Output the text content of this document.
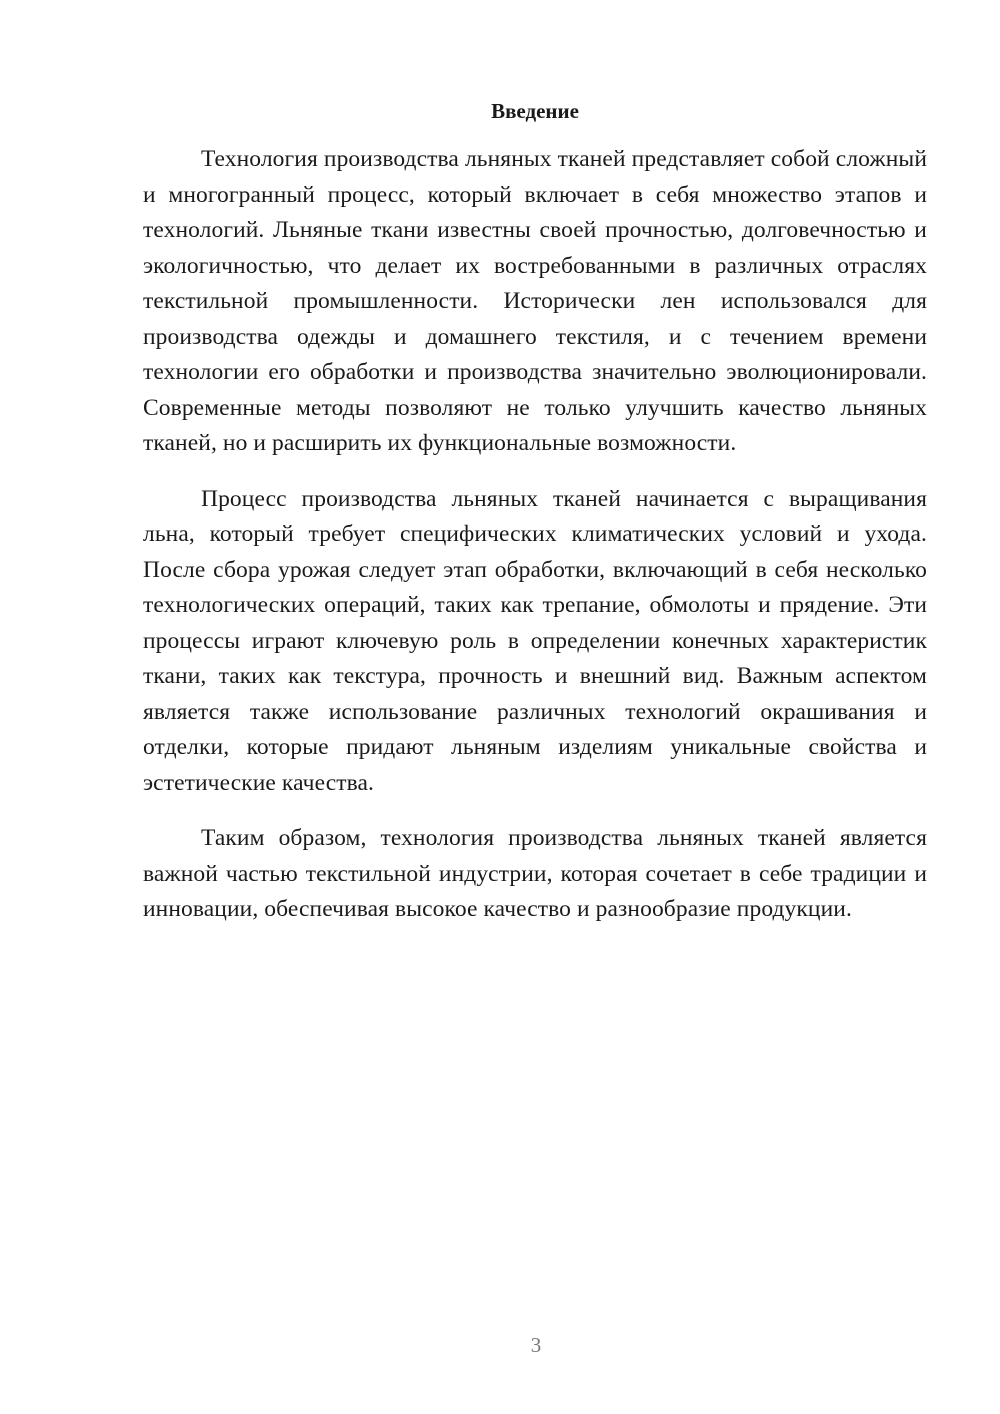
Введение

Технология производства льняных тканей представляет собой сложный и многогранный процесс, который включает в себя множество этапов и технологий. Льняные ткани известны своей прочностью, долговечностью и экологичностью, что делает их востребованными в различных отраслях текстильной промышленности. Исторически лен использовался для производства одежды и домашнего текстиля, и с течением времени технологии его обработки и производства значительно эволюционировали. Современные методы позволяют не только улучшить качество льняных тканей, но и расширить их функциональные возможности.

Процесс производства льняных тканей начинается с выращивания льна, который требует специфических климатических условий и ухода. После сбора урожая следует этап обработки, включающий в себя несколько технологических операций, таких как трепание, обмолоты и прядение. Эти процессы играют ключевую роль в определении конечных характеристик ткани, таких как текстура, прочность и внешний вид. Важным аспектом является также использование различных технологий окрашивания и отделки, которые придают льняным изделиям уникальные свойства и эстетические качества.

Таким образом, технология производства льняных тканей является важной частью текстильной индустрии, которая сочетает в себе традиции и инновации, обеспечивая высокое качество и разнообразие продукции.

3
